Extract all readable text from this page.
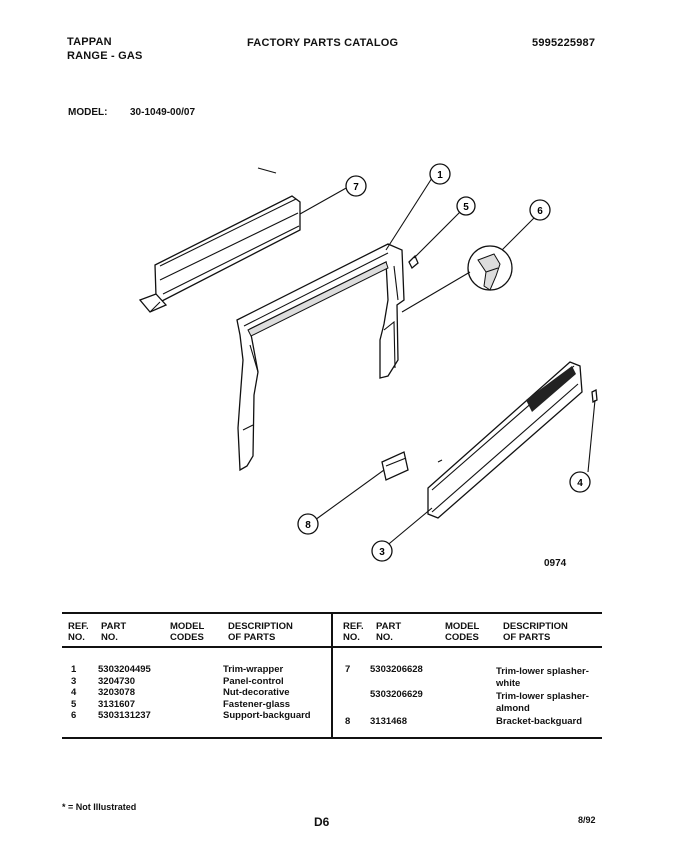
TAPPAN
RANGE - GAS
FACTORY PARTS CATALOG	5995225987
MODEL: 30-1049-00/07
7
1
5	6
4
8
3
0974
REF.
NO.
PART
NO.
MODEL
CODES
DESCRIPTION
OF PARTS
REF.
NO.
PART
NO.
MODEL
CODES
DESCRIPTION
OF PARTS
1 5303204495	Trim-wrapper
3 3204730	Panel-control
4 3203078	Nut-decorative
5 3131607	Fastener-glass
6 5303131237	Support-backguard
7 5303206628	Trim-lower splasher-
white
5303206629	Trim-lower splasher-
almond
8 3131468	Bracket-backguard
* = Not Illustrated
D6	8/92
